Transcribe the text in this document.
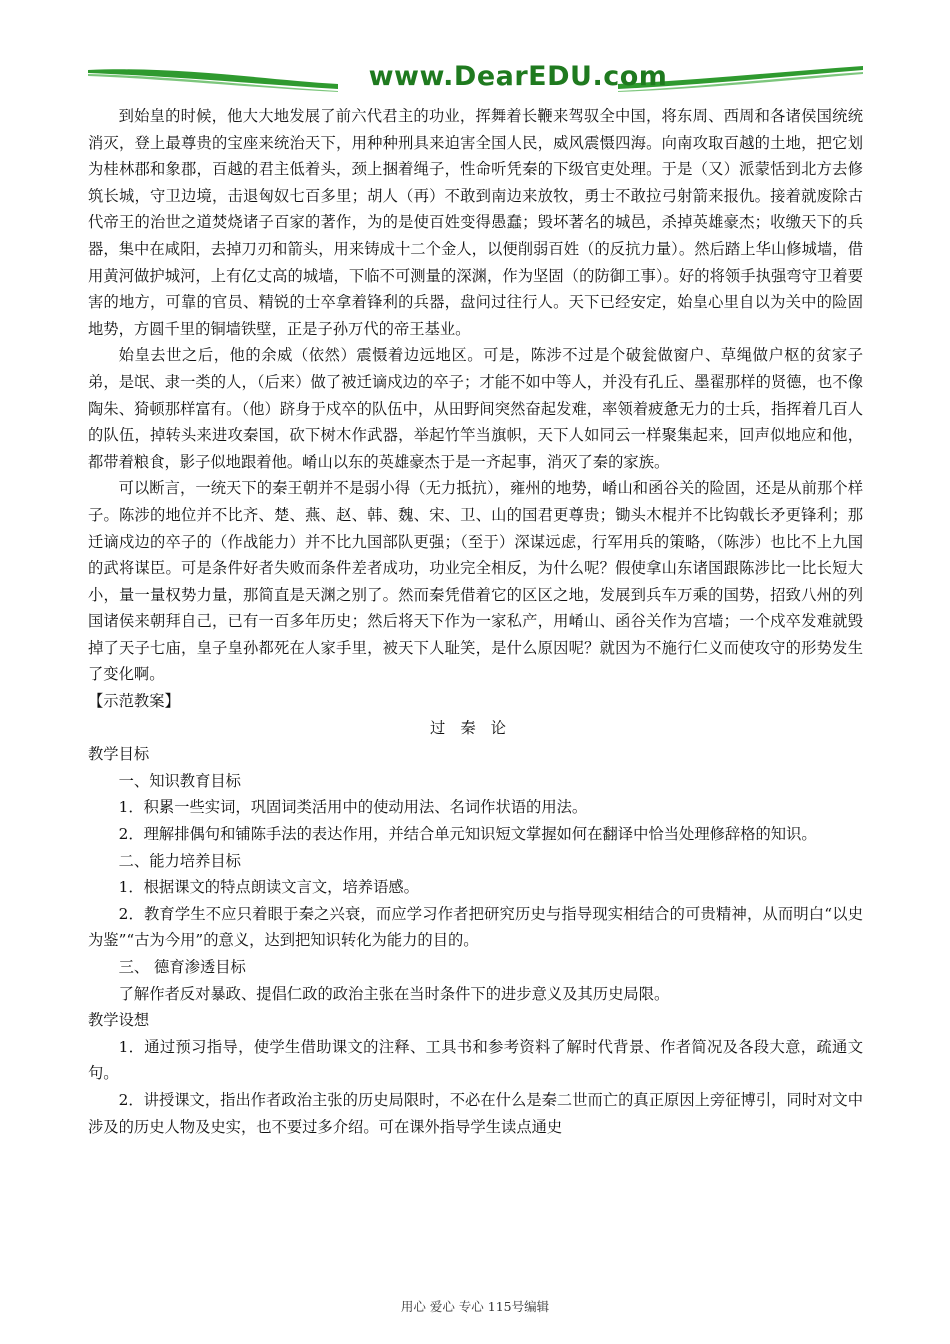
www.DearEDU.com

到始皇的时候，他大大地发展了前六代君主的功业，挥舞着长鞭来驾驭全中国，将东周、西周和各诸侯国统统消灭，登上最尊贵的宝座来统治天下，用种种刑具来迫害全国人民，威风震慑四海。向南攻取百越的土地，把它划为桂林郡和象郡，百越的君主低着头，颈上捆着绳子，性命听凭秦的下级官吏处理。于是（又）派蒙恬到北方去修筑长城，守卫边境，击退匈奴七百多里；胡人（再）不敢到南边来放牧，勇士不敢拉弓射箭来报仇。接着就废除古代帝王的治世之道焚烧诸子百家的著作，为的是使百姓变得愚蠢；毁坏著名的城邑，杀掉英雄豪杰；收缴天下的兵器，集中在咸阳，去掉刀刃和箭头，用来铸成十二个金人，以便削弱百姓（的反抗力量）。然后踏上华山修城墙，借用黄河做护城河，上有亿丈高的城墙，下临不可测量的深渊，作为坚固（的防御工事）。好的将领手执强弯守卫着要害的地方，可靠的官员、精锐的士卒拿着锋利的兵器，盘问过往行人。天下已经安定，始皇心里自以为关中的险固地势，方圆千里的铜墙铁壁，正是子孙万代的帝王基业。

始皇去世之后，他的余威（依然）震慑着边远地区。可是，陈涉不过是个破瓮做窗户、草绳做户枢的贫家子弟，是氓、隶一类的人，（后来）做了被迁谪戍边的卒子；才能不如中等人，并没有孔丘、墨翟那样的贤德，也不像陶朱、猗顿那样富有。（他）跻身于戍卒的队伍中，从田野间突然奋起发难，率领着疲惫无力的士兵，指挥着几百人的队伍，掉转头来进攻秦国，砍下树木作武器，举起竹竿当旗帜，天下人如同云一样聚集起来，回声似地应和他，都带着粮食，影子似地跟着他。崤山以东的英雄豪杰于是一齐起事，消灭了秦的家族。

可以断言，一统天下的秦王朝并不是弱小得（无力抵抗），雍州的地势，崤山和函谷关的险固，还是从前那个样子。陈涉的地位并不比齐、楚、燕、赵、韩、魏、宋、卫、山的国君更尊贵；锄头木棍并不比钩戟长矛更锋利；那迁谪戍边的卒子的（作战能力）并不比九国部队更强；（至于）深谋远虑，行军用兵的策略，（陈涉）也比不上九国的武将谋臣。可是条件好者失败而条件差者成功，功业完全相反，为什么呢？假使拿山东诸国跟陈涉比一比长短大小，量一量权势力量，那简直是天渊之别了。然而秦凭借着它的区区之地，发展到兵车万乘的国势，招致八州的列国诸侯来朝拜自己，已有一百多年历史；然后将天下作为一家私产，用崤山、函谷关作为宫墙；一个戍卒发难就毁掉了天子七庙，皇子皇孙都死在人家手里，被天下人耻笑，是什么原因呢？就因为不施行仁义而使攻守的形势发生了变化啊。

【示范教案】

过秦论

教学目标

一、知识教育目标

1．积累一些实词，巩固词类活用中的使动用法、名词作状语的用法。

2．理解排偶句和铺陈手法的表达作用，并结合单元知识短文掌握如何在翻译中恰当处理修辞格的知识。

二、能力培养目标

1．根据课文的特点朗读文言文，培养语感。

2．教育学生不应只着眼于秦之兴衰，而应学习作者把研究历史与指导现实相结合的可贵精神，从而明白“以史为鉴”“古为今用”的意义，达到把知识转化为能力的目的。

三、 德育渗透目标

了解作者反对暴政、提倡仁政的政治主张在当时条件下的进步意义及其历史局限。

教学设想

1．通过预习指导，使学生借助课文的注释、工具书和参考资料了解时代背景、作者简况及各段大意，疏通文句。

2．讲授课文，指出作者政治主张的历史局限时，不必在什么是秦二世而亡的真正原因上旁征博引，同时对文中涉及的历史人物及史实，也不要过多介绍。可在课外指导学生读点通史

用心 爱心 专心 115号编辑
